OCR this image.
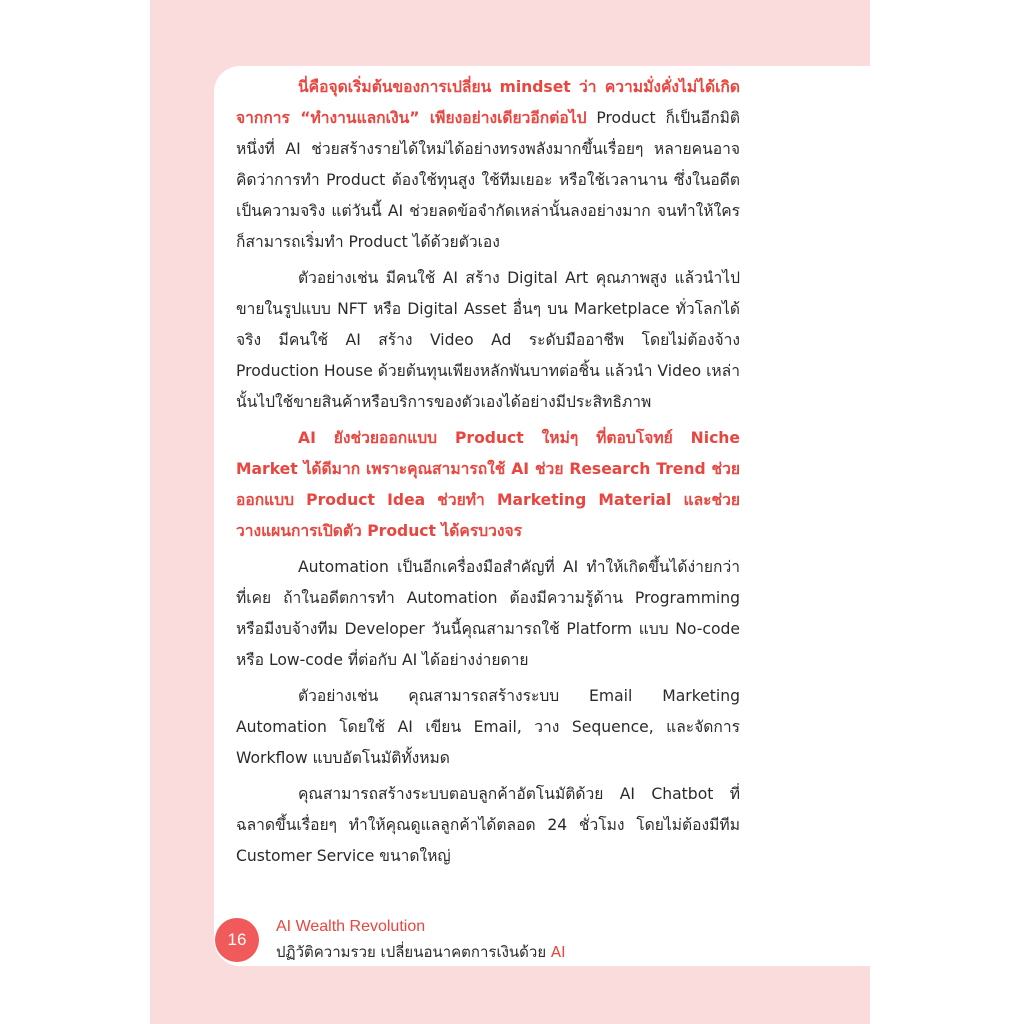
นี่คือจุดเริ่มต้นของการเปลี่ยน mindset ว่า ความมั่งคั่งไม่ได้เกิดจากการ “ทำงานแลกเงิน” เพียงอย่างเดียวอีกต่อไป Product ก็เป็นอีกมิติหนึ่งที่ AI ช่วยสร้างรายได้ใหม่ได้อย่างทรงพลังมากขึ้นเรื่อยๆ หลายคนอาจคิดว่าการทำ Product ต้องใช้ทุนสูง ใช้ทีมเยอะ หรือใช้เวลานาน ซึ่งในอดีตเป็นความจริง แต่วันนี้ AI ช่วยลดข้อจำกัดเหล่านั้นลงอย่างมาก จนทำให้ใครก็สามารถเริ่มทำ Product ได้ด้วยตัวเอง

ตัวอย่างเช่น มีคนใช้ AI สร้าง Digital Art คุณภาพสูง แล้วนำไปขายในรูปแบบ NFT หรือ Digital Asset อื่นๆ บน Marketplace ทั่วโลกได้จริง มีคนใช้ AI สร้าง Video Ad ระดับมืออาชีพ โดยไม่ต้องจ้าง Production House ด้วยต้นทุนเพียงหลักพันบาทต่อชิ้น แล้วนำ Video เหล่านั้นไปใช้ขายสินค้าหรือบริการของตัวเองได้อย่างมีประสิทธิภาพ

AI ยังช่วยออกแบบ Product ใหม่ๆ ที่ตอบโจทย์ Niche Market ได้ดีมาก เพราะคุณสามารถใช้ AI ช่วย Research Trend ช่วยออกแบบ Product Idea ช่วยทำ Marketing Material และช่วยวางแผนการเปิดตัว Product ได้ครบวงจร

Automation เป็นอีกเครื่องมือสำคัญที่ AI ทำให้เกิดขึ้นได้ง่ายกว่าที่เคย ถ้าในอดีตการทำ Automation ต้องมีความรู้ด้าน Programming หรือมีงบจ้างทีม Developer วันนี้คุณสามารถใช้ Platform แบบ No-code หรือ Low-code ที่ต่อกับ AI ได้อย่างง่ายดาย

ตัวอย่างเช่น คุณสามารถสร้างระบบ Email Marketing Automation โดยใช้ AI เขียน Email, วาง Sequence, และจัดการ Workflow แบบอัตโนมัติทั้งหมด

คุณสามารถสร้างระบบตอบลูกค้าอัตโนมัติด้วย AI Chatbot ที่ฉลาดขึ้นเรื่อยๆ ทำให้คุณดูแลลูกค้าได้ตลอด 24 ชั่วโมง โดยไม่ต้องมีทีม Customer Service ขนาดใหญ่

16
AI Wealth Revolution
ปฏิวัติความรวย เปลี่ยนอนาคตการเงินด้วย AI
